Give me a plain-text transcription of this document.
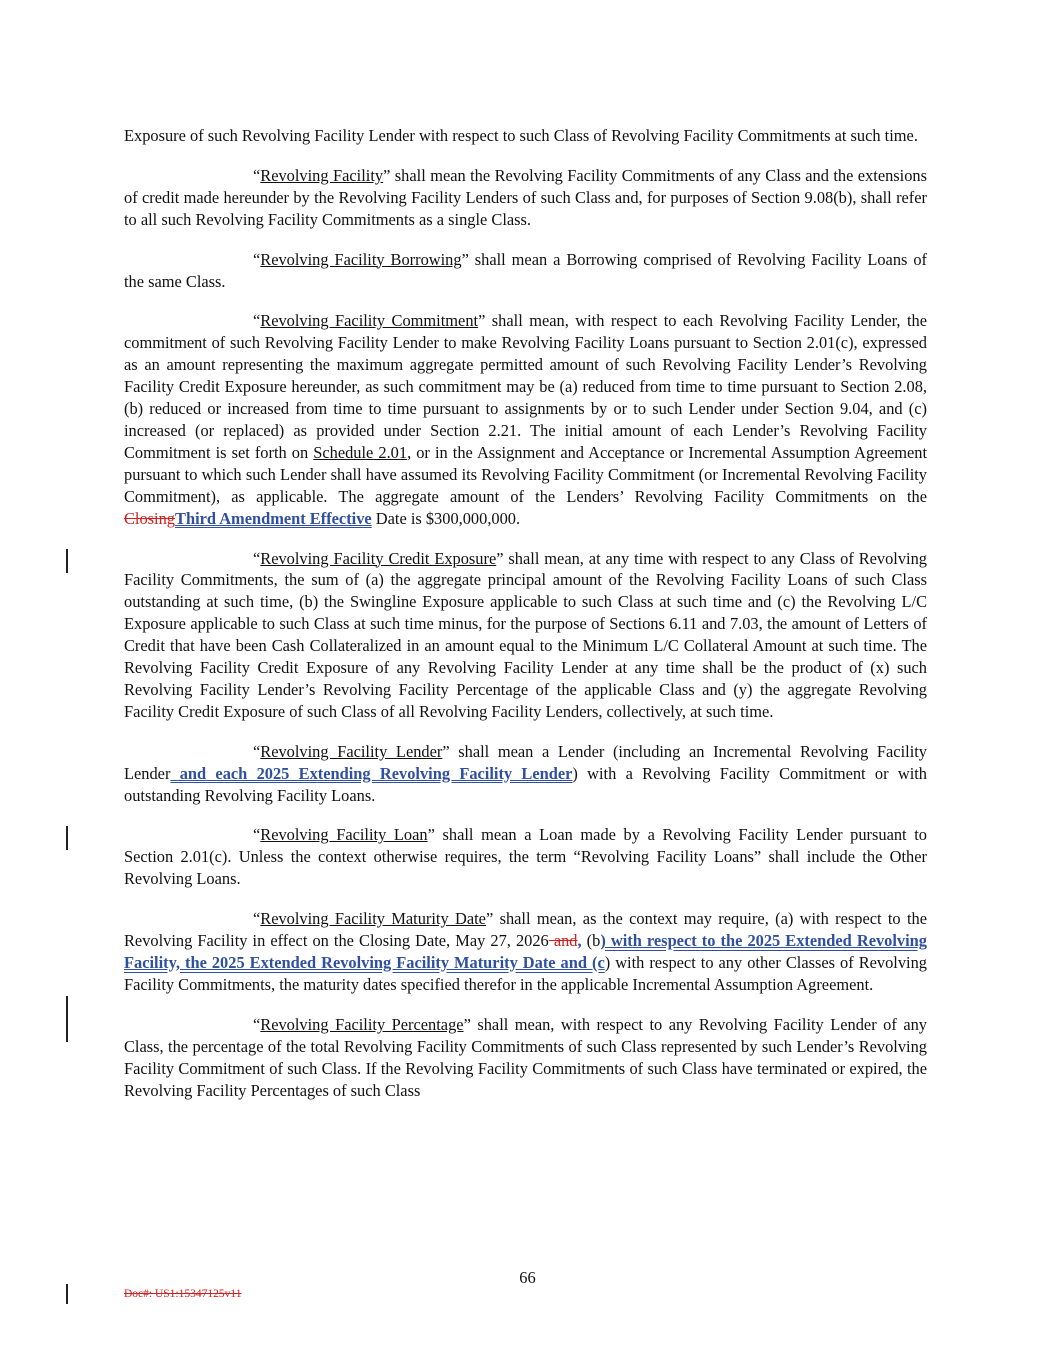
Exposure of such Revolving Facility Lender with respect to such Class of Revolving Facility Commitments at such time.

“Revolving Facility” shall mean the Revolving Facility Commitments of any Class and the extensions of credit made hereunder by the Revolving Facility Lenders of such Class and, for purposes of Section 9.08(b), shall refer to all such Revolving Facility Commitments as a single Class.

“Revolving Facility Borrowing” shall mean a Borrowing comprised of Revolving Facility Loans of the same Class.

“Revolving Facility Commitment” shall mean, with respect to each Revolving Facility Lender, the commitment of such Revolving Facility Lender to make Revolving Facility Loans pursuant to Section 2.01(c), expressed as an amount representing the maximum aggregate permitted amount of such Revolving Facility Lender’s Revolving Facility Credit Exposure hereunder, as such commitment may be (a) reduced from time to time pursuant to Section 2.08, (b) reduced or increased from time to time pursuant to assignments by or to such Lender under Section 9.04, and (c) increased (or replaced) as provided under Section 2.21. The initial amount of each Lender’s Revolving Facility Commitment is set forth on Schedule 2.01, or in the Assignment and Acceptance or Incremental Assumption Agreement pursuant to which such Lender shall have assumed its Revolving Facility Commitment (or Incremental Revolving Facility Commitment), as applicable. The aggregate amount of the Lenders’ Revolving Facility Commitments on the ClosingThird Amendment Effective Date is $300,000,000.

“Revolving Facility Credit Exposure” shall mean, at any time with respect to any Class of Revolving Facility Commitments, the sum of (a) the aggregate principal amount of the Revolving Facility Loans of such Class outstanding at such time, (b) the Swingline Exposure applicable to such Class at such time and (c) the Revolving L/C Exposure applicable to such Class at such time minus, for the purpose of Sections 6.11 and 7.03, the amount of Letters of Credit that have been Cash Collateralized in an amount equal to the Minimum L/C Collateral Amount at such time. The Revolving Facility Credit Exposure of any Revolving Facility Lender at any time shall be the product of (x) such Revolving Facility Lender’s Revolving Facility Percentage of the applicable Class and (y) the aggregate Revolving Facility Credit Exposure of such Class of all Revolving Facility Lenders, collectively, at such time.

“Revolving Facility Lender” shall mean a Lender (including an Incremental Revolving Facility Lender and each 2025 Extending Revolving Facility Lender) with a Revolving Facility Commitment or with outstanding Revolving Facility Loans.

“Revolving Facility Loan” shall mean a Loan made by a Revolving Facility Lender pursuant to Section 2.01(c). Unless the context otherwise requires, the term “Revolving Facility Loans” shall include the Other Revolving Loans.

“Revolving Facility Maturity Date” shall mean, as the context may require, (a) with respect to the Revolving Facility in effect on the Closing Date, May 27, 2026 and, (b) with respect to the 2025 Extended Revolving Facility, the 2025 Extended Revolving Facility Maturity Date and (c) with respect to any other Classes of Revolving Facility Commitments, the maturity dates specified therefor in the applicable Incremental Assumption Agreement.

“Revolving Facility Percentage” shall mean, with respect to any Revolving Facility Lender of any Class, the percentage of the total Revolving Facility Commitments of such Class represented by such Lender’s Revolving Facility Commitment of such Class. If the Revolving Facility Commitments of such Class have terminated or expired, the Revolving Facility Percentages of such Class

66
Doc#: US1:15347125v11
